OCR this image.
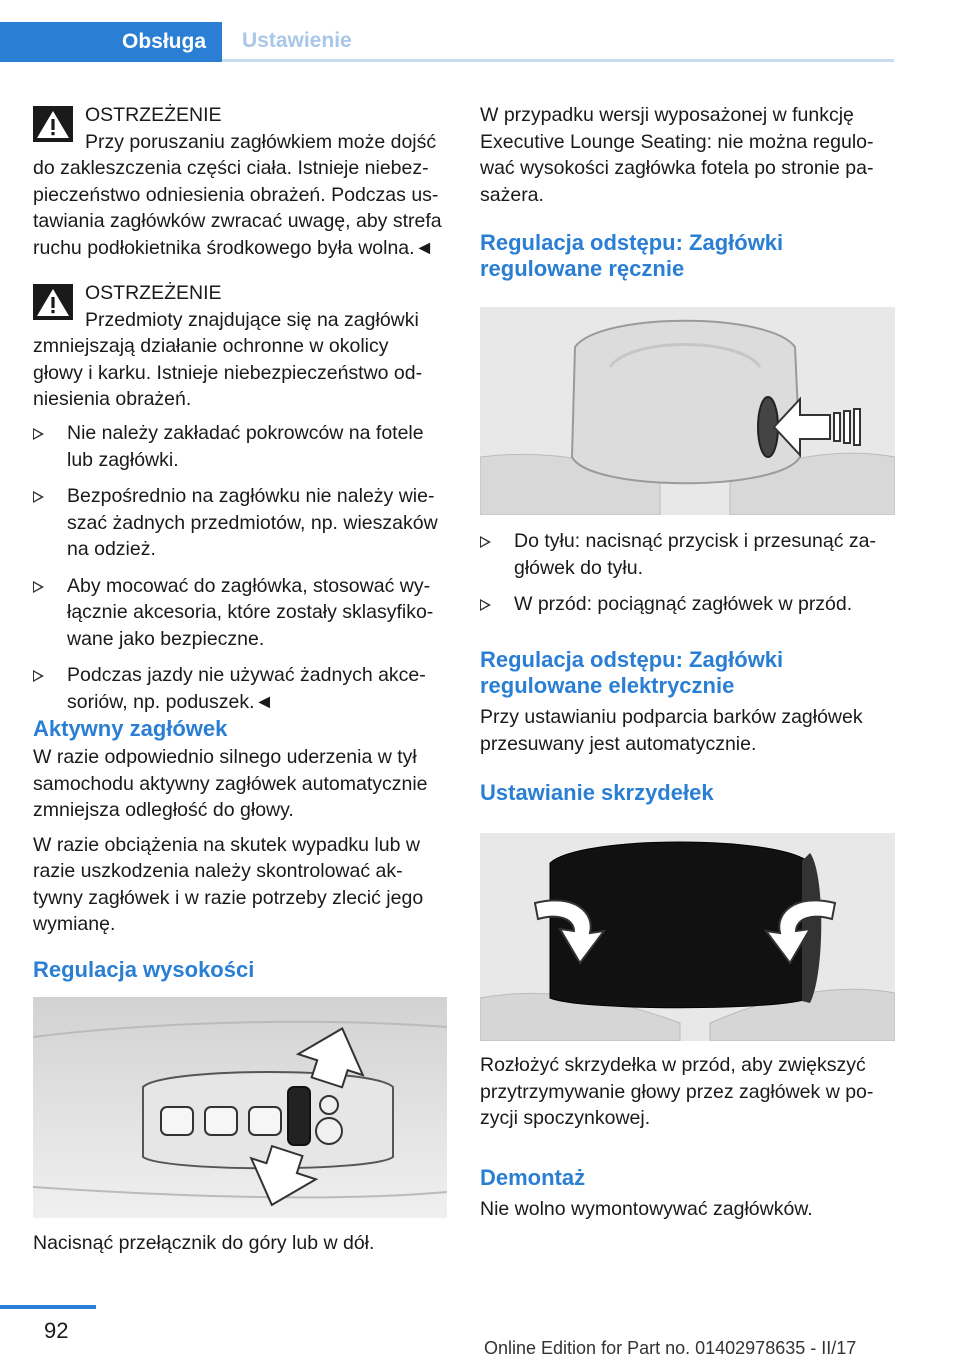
Obsługa	Ustawienie

OSTRZEŻENIE

Przy poruszaniu zagłówkiem może dojść

do zakleszczenia części ciała. Istnieje niebez-

pieczeństwo odniesienia obrażeń. Podczas us-

tawiania zagłówków zwracać uwagę, aby strefa

ruchu podłokietnika środkowego była wolna.◄

OSTRZEŻENIE

Przedmioty znajdujące się na zagłówki

zmniejszają działanie ochronne w okolicy

głowy i karku. Istnieje niebezpieczeństwo od-

niesienia obrażeń.

Nie należy zakładać pokrowców na fotele

lub zagłówki.

Bezpośrednio na zagłówku nie należy wie-

szać żadnych przedmiotów, np. wieszaków

na odzież.

Aby mocować do zagłówka, stosować wy-

łącznie akcesoria, które zostały sklasyfiko-

wane jako bezpieczne.

Podczas jazdy nie używać żadnych akce-

soriów, np. poduszek.◄

Aktywny zagłówek

W razie odpowiednio silnego uderzenia w tył

samochodu aktywny zagłówek automatycznie

zmniejsza odległość do głowy.

W razie obciążenia na skutek wypadku lub w

razie uszkodzenia należy skontrolować ak-

tywny zagłówek i w razie potrzeby zlecić jego

wymianę.

Regulacja wysokości

Nacisnąć przełącznik do góry lub w dół.

W przypadku wersji wyposażonej w funkcję

Executive Lounge Seating: nie można regulo-

wać wysokości zagłówka fotela po stronie pa-

sażera.

Regulacja odstępu: Zagłówki

regulowane ręcznie

Do tyłu: nacisnąć przycisk i przesunąć za-

główek do tyłu.

W przód: pociągnąć zagłówek w przód.

Regulacja odstępu: Zagłówki

regulowane elektrycznie

Przy ustawianiu podparcia barków zagłówek

przesuwany jest automatycznie.

Ustawianie skrzydełek

Rozłożyć skrzydełka w przód, aby zwiększyć

przytrzymywanie głowy przez zagłówek w po-

zycji spoczynkowej.

Demontaż

Nie wolno wymontowywać zagłówków.

92
Online Edition for Part no. 01402978635 - II/17
